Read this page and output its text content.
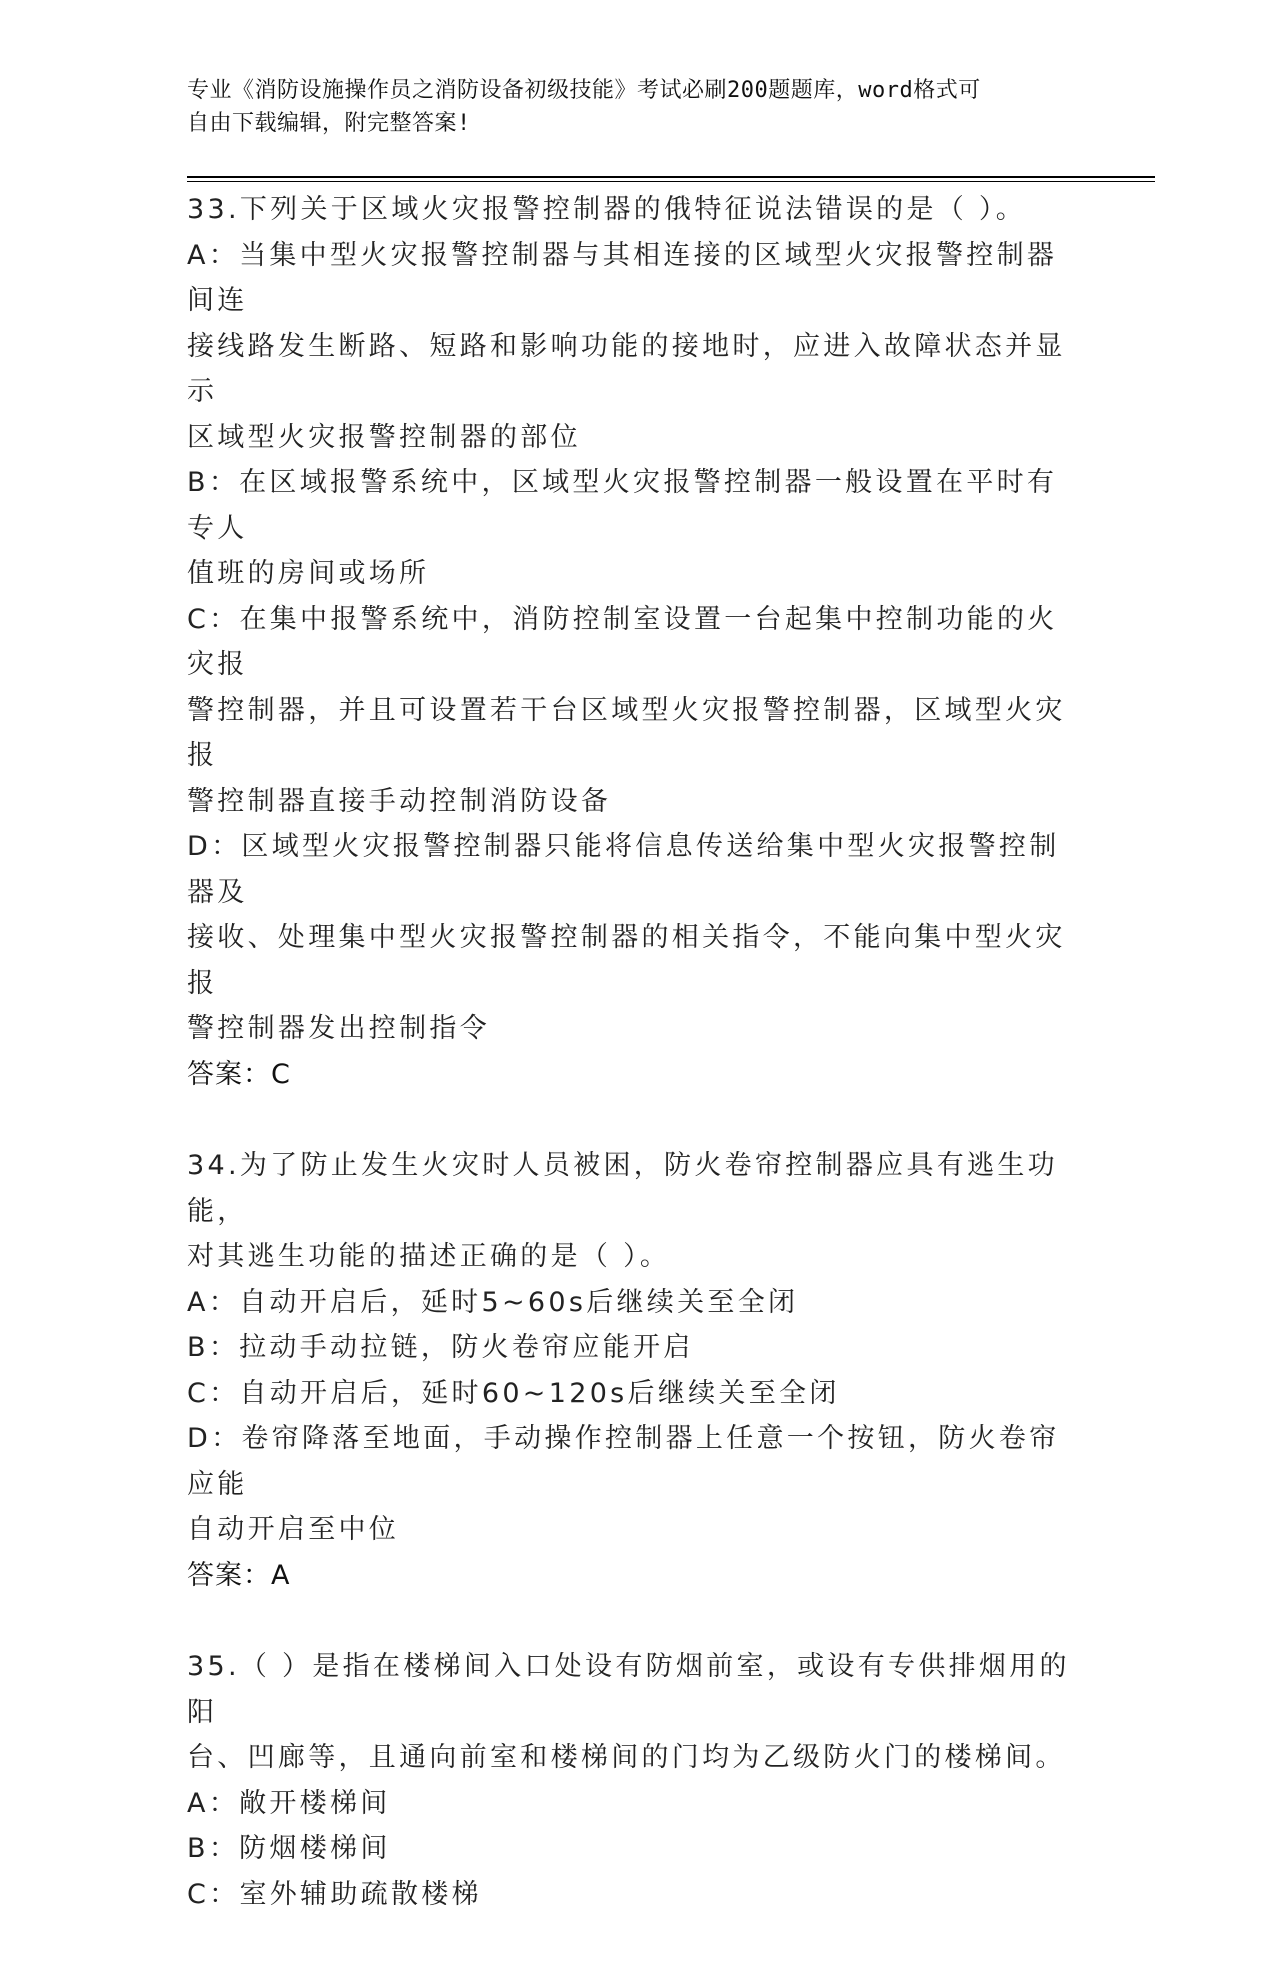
专业《消防设施操作员之消防设备初级技能》考试必刷200题题库，word格式可
自由下载编辑，附完整答案!

33.下列关于区域火灾报警控制器的俄特征说法错误的是（ ）。

A：当集中型火灾报警控制器与其相连接的区域型火灾报警控制器间连

接线路发生断路、短路和影响功能的接地时，应进入故障状态并显示

区域型火灾报警控制器的部位

B：在区域报警系统中，区域型火灾报警控制器一般设置在平时有专人

值班的房间或场所

C：在集中报警系统中，消防控制室设置一台起集中控制功能的火灾报

警控制器，并且可设置若干台区域型火灾报警控制器，区域型火灾报

警控制器直接手动控制消防设备

D：区域型火灾报警控制器只能将信息传送给集中型火灾报警控制器及

接收、处理集中型火灾报警控制器的相关指令，不能向集中型火灾报

警控制器发出控制指令

答案：C

34.为了防止发生火灾时人员被困，防火卷帘控制器应具有逃生功能，

对其逃生功能的描述正确的是（ ）。

A：自动开启后，延时5~60s后继续关至全闭

B：拉动手动拉链，防火卷帘应能开启

C：自动开启后，延时60~120s后继续关至全闭

D：卷帘降落至地面，手动操作控制器上任意一个按钮，防火卷帘应能

自动开启至中位

答案：A

35.（ ）是指在楼梯间入口处设有防烟前室，或设有专供排烟用的阳

台、凹廊等，且通向前室和楼梯间的门均为乙级防火门的楼梯间。

A：敞开楼梯间

B：防烟楼梯间

C：室外辅助疏散楼梯
